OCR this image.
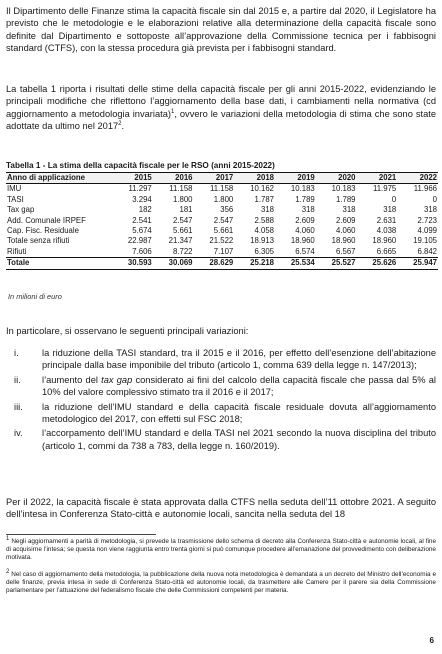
Il Dipartimento delle Finanze stima la capacità fiscale sin dal 2015 e, a partire dal 2020, il Legislatore ha previsto che le metodologie e le elaborazioni relative alla determinazione della capacità fiscale sono definite dal Dipartimento e sottoposte all’approvazione della Commissione tecnica per i fabbisogni standard (CTFS), con la stessa procedura già prevista per i fabbisogni standard.

La tabella 1 riporta i risultati delle stime della capacità fiscale per gli anni 2015-2022, evidenziando le principali modifiche che riflettono l’aggiornamento della base dati, i cambiamenti nella normativa (cd aggiornamento a metodologia invariata)$^1$, ovvero le variazioni della metodologia di stima che sono state adottate da ultimo nel 2017$^2$.

Tabella 1 - La stima della capacità fiscale per le RSO (anni 2015-2022)
Anno di applicazione	2015	2016	2017	2018	2019	2020	2021	2022
IMU	11.297	11.158	11.158	10.162	10.183	10.183	11.975	11.966
TASI	3.294	1.800	1.800	1.787	1.789	1.789	0	0
Tax gap	182	181	356	318	318	318	318	318
Add. Comunale IRPEF	2.541	2.547	2.547	2.588	2.609	2.609	2.631	2.723
Cap. Fisc. Residuale	5.674	5.661	5.661	4.058	4.060	4.060	4.038	4.099
Totale senza rifiuti	22.987	21.347	21.522	18.913	18.960	18.960	18.960	19.105
Rifiuti	7.606	8.722	7.107	6.305	6.574	6.567	6.665	6.842
Totale	30.593	30.069	28.629	25.218	25.534	25.527	25.626	25.947
In milioni di euro

In particolare, si osservano le seguenti principali variazioni:

i.	la riduzione della TASI standard, tra il 2015 e il 2016, per effetto dell’esenzione dell’abitazione principale dalla base imponibile del tributo (articolo 1, comma 639 della legge n. 147/2013);
ii. l’aumento del tax gap considerato ai fini del calcolo della capacità fiscale che passa dal 5% al 10% del valore complessivo stimato tra il 2016 e il 2017;
iii. la riduzione dell’IMU standard e della capacità fiscale residuale dovuta all’aggiornamento metodologico del 2017, con effetti sul FSC 2018;
iv. l’accorpamento dell’IMU standard e della TASI nel 2021 secondo la nuova disciplina del tributo (articolo 1, commi da 738 a 783, della legge n. 160/2019).

Per il 2022, la capacità fiscale è stata approvata dalla CTFS nella seduta dell’11 ottobre 2021. A seguito dell’intesa in Conferenza Stato-città e autonomie locali, sancita nella seduta del 18

$^1$ Negli aggiornamenti a parità di metodologia, si prevede la trasmissione dello schema di decreto alla Conferenza Stato-città e autonomie locali, al fine di acquisirne l’intesa; se questa non viene raggiunta entro trenta giorni si può comunque procedere all’emanazione del provvedimento con deliberazione motivata.
$^2$ Nel caso di aggiornamento della metodologia, la pubblicazione della nuova nota metodologica è demandata a un decreto del Ministro dell’economia e delle finanze, previa intesa in sede di Conferenza Stato-città ed autonomie locali, da trasmettere alle Camere per il parere sia della Commissione parlamentare per l’attuazione del federalismo fiscale che delle Commissioni competenti per materia.
6
